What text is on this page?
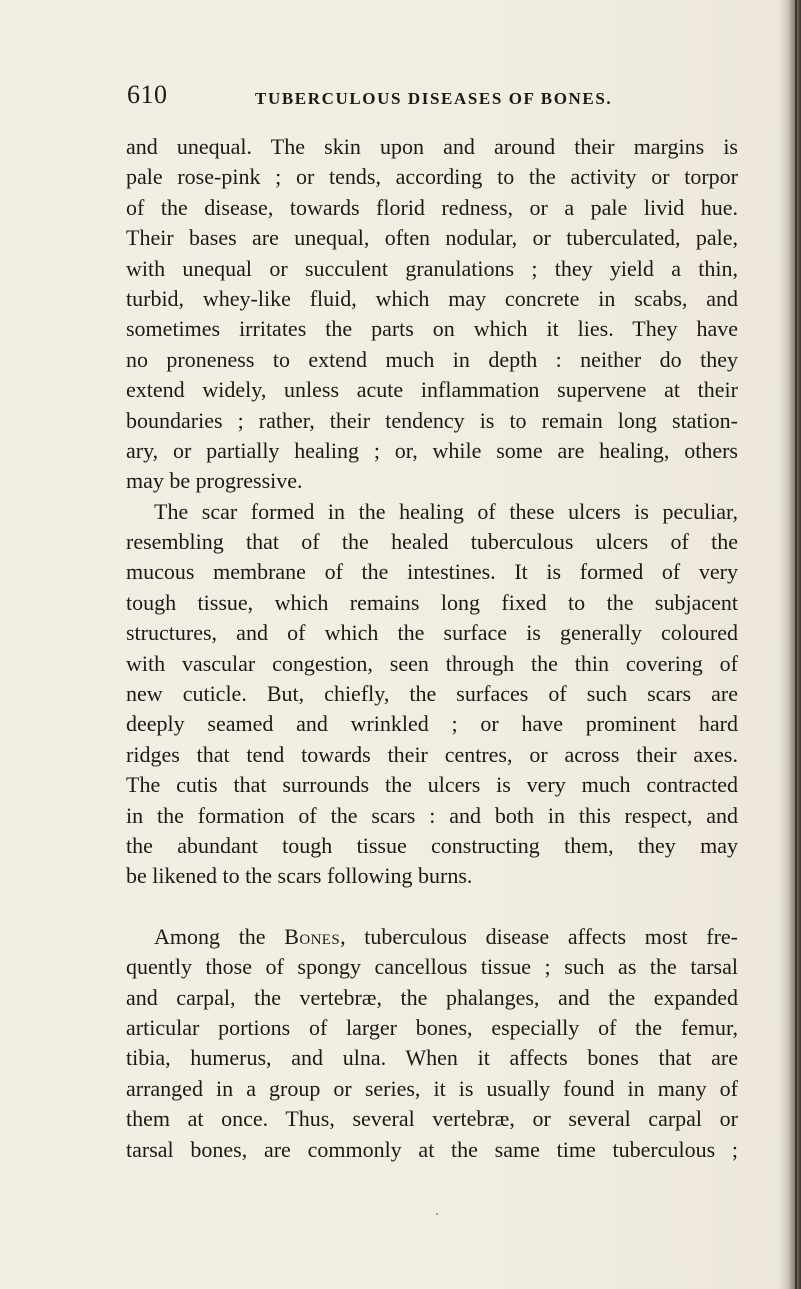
610	TUBERCULOUS DISEASES OF BONES.

and unequal. The skin upon and around their margins is
pale rose-pink ; or tends, according to the activity or torpor
of the disease, towards florid redness, or a pale livid hue.
Their bases are unequal, often nodular, or tuberculated, pale,
with unequal or succulent granulations ; they yield a thin,
turbid, whey-like fluid, which may concrete in scabs, and
sometimes irritates the parts on which it lies. They have
no proneness to extend much in depth : neither do they
extend widely, unless acute inflammation supervene at their
boundaries ; rather, their tendency is to remain long station-
ary, or partially healing ; or, while some are healing, others
may be progressive.

The scar formed in the healing of these ulcers is peculiar,
resembling that of the healed tuberculous ulcers of the
mucous membrane of the intestines. It is formed of very
tough tissue, which remains long fixed to the subjacent
structures, and of which the surface is generally coloured
with vascular congestion, seen through the thin covering of
new cuticle. But, chiefly, the surfaces of such scars are
deeply seamed and wrinkled ; or have prominent hard
ridges that tend towards their centres, or across their axes.
The cutis that surrounds the ulcers is very much contracted
in the formation of the scars : and both in this respect, and
the abundant tough tissue constructing them, they may
be likened to the scars following burns.

Among the Bones, tuberculous disease affects most fre-
quently those of spongy cancellous tissue ; such as the tarsal
and carpal, the vertebræ, the phalanges, and the expanded
articular portions of larger bones, especially of the femur,
tibia, humerus, and ulna. When it affects bones that are
arranged in a group or series, it is usually found in many of
them at once. Thus, several vertebræ, or several carpal or
tarsal bones, are commonly at the same time tuberculous ;
